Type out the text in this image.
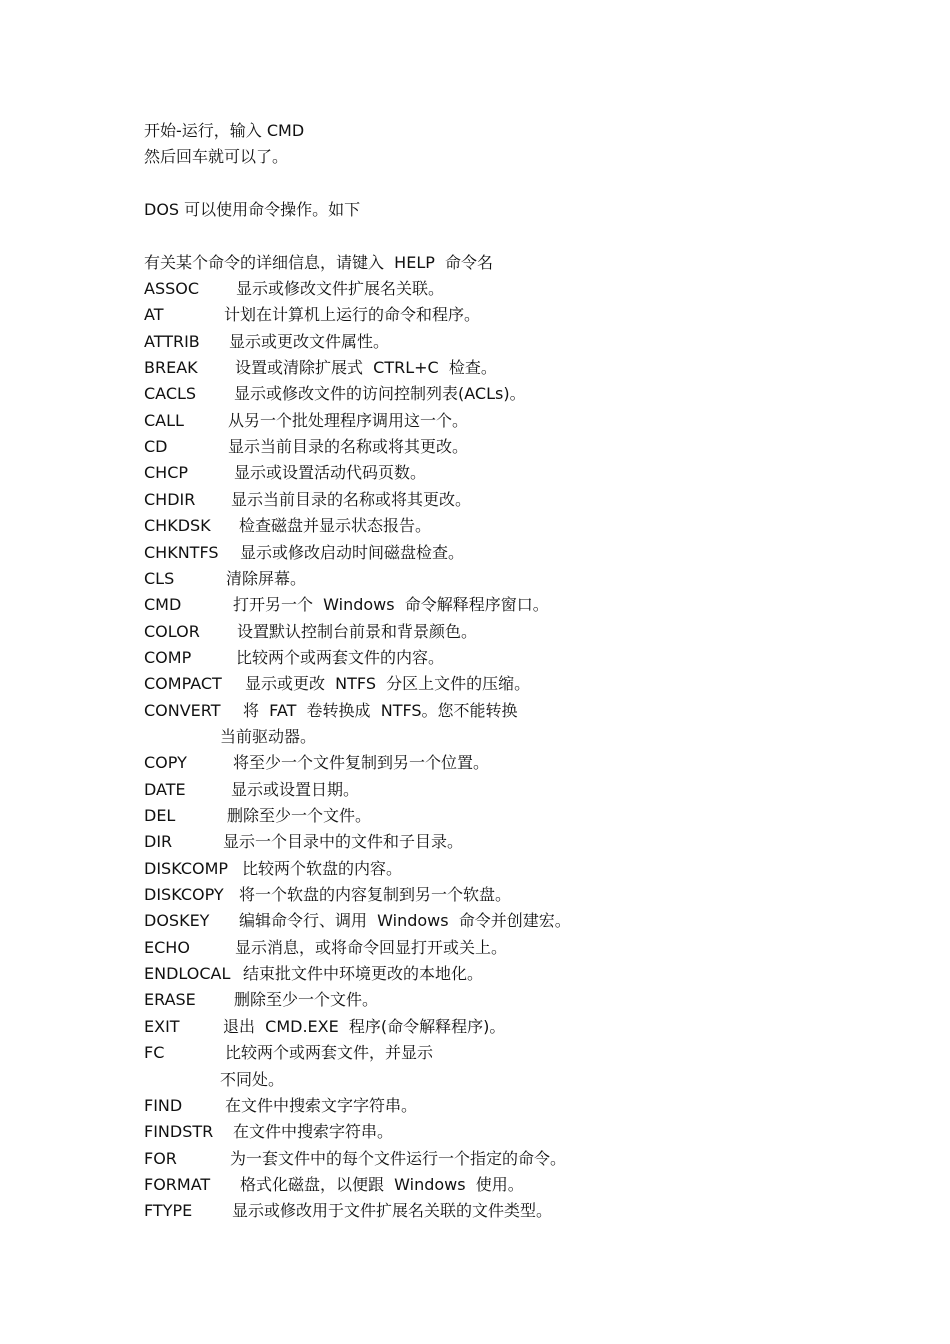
开始-运行，输入 CMD
然后回车就可以了。
DOS 可以使用命令操作。如下
有关某个命令的详细信息，请键入  HELP  命令名
ASSOC 显示或修改文件扩展名关联。
AT	计划在计算机上运行的命令和程序。
ATTRIB 显示或更改文件属性。
BREAK 设置或清除扩展式  CTRL+C  检查。
CACLS 显示或修改文件的访问控制列表(ACLs)。
CALL	从另一个批处理程序调用这一个。
CD	显示当前目录的名称或将其更改。
CHCP	显示或设置活动代码页数。
CHDIR 显示当前目录的名称或将其更改。
CHKDSK 检查磁盘并显示状态报告。
CHKNTFS 显示或修改启动时间磁盘检查。
CLS	清除屏幕。
CMD	打开另一个  Windows  命令解释程序窗口。
COLOR 设置默认控制台前景和背景颜色。
COMP	比较两个或两套文件的内容。
COMPACT 显示或更改  NTFS  分区上文件的压缩。
CONVERT 将  FAT  卷转换成  NTFS。您不能转换
当前驱动器。
COPY	将至少一个文件复制到另一个位置。
DATE	显示或设置日期。
DEL	删除至少一个文件。
DIR	显示一个目录中的文件和子目录。
DISKCOMP 比较两个软盘的内容。
DISKCOPY 将一个软盘的内容复制到另一个软盘。
DOSKEY 编辑命令行、调用  Windows  命令并创建宏。
ECHO	显示消息，或将命令回显打开或关上。
ENDLOCAL 结束批文件中环境更改的本地化。
ERASE 删除至少一个文件。
EXIT	退出  CMD.EXE  程序(命令解释程序)。
FC	比较两个或两套文件，并显示
不同处。
FIND	在文件中搜索文字字符串。
FINDSTR 在文件中搜索字符串。
FOR	为一套文件中的每个文件运行一个指定的命令。
FORMAT 格式化磁盘，以便跟  Windows  使用。
FTYPE 显示或修改用于文件扩展名关联的文件类型。
